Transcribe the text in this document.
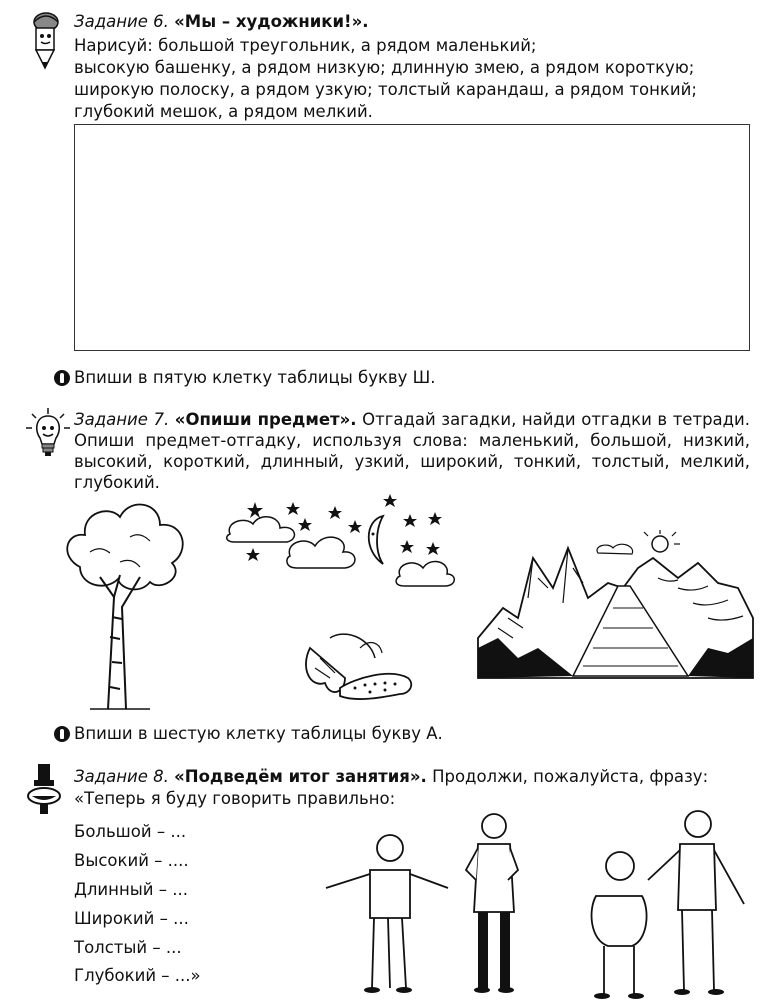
Задание 6. «Мы – художники!».
Нарисуй: большой треугольник, а рядом маленький;
высокую башенку, а рядом низкую; длинную змею, а рядом короткую;
широкую полоску, а рядом узкую; толстый карандаш, а рядом тонкий;
глубокий мешок, а рядом мелкий.
Впиши в пятую клетку таблицы букву Ш.
Задание 7. «Опиши предмет». Отгадай загадки, найди отгадки в тетради. Опиши предмет-отгадку, используя слова: маленький, большой, низкий, высокий, короткий, длинный, узкий, широкий, тонкий, толстый, мелкий, глубокий.
Впиши в шестую клетку таблицы букву А.
Задание 8. «Подведём итог занятия». Продолжи, пожалуйста, фразу:
«Теперь я буду говорить правильно:
Большой – ...
Высокий – ....
Длинный – ...
Широкий – ...
Толстый – ...
Глубокий – ...»
